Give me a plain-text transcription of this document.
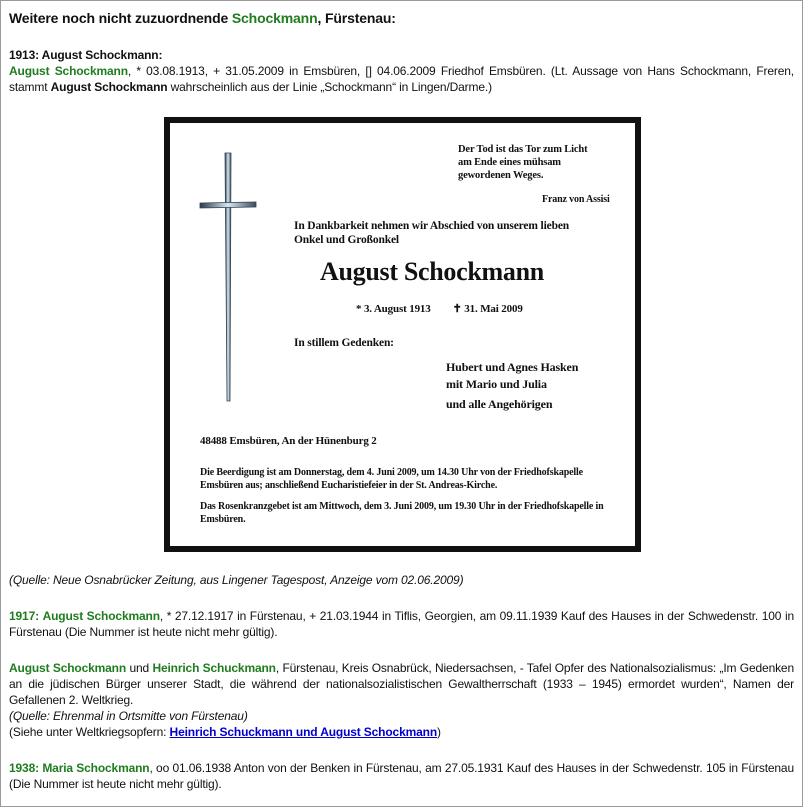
Weitere noch nicht zuzuordnende Schockmann, Fürstenau:
1913: August Schockmann:
August Schockmann, * 03.08.1913, + 31.05.2009 in Emsbüren, [] 04.06.2009 Friedhof Emsbüren. (Lt. Aussage von Hans Schockmann, Freren, stammt August Schockmann wahrscheinlich aus der Linie „Schockmann“ in Lingen/Darme.)
Der Tod ist das Tor zum Licht
am Ende eines mühsam
gewordenen Weges.
Franz von Assisi
In Dankbarkeit nehmen wir Abschied von unserem lieben
Onkel und Großonkel
August Schockmann
* 3. August 1913 ✝ 31. Mai 2009
In stillem Gedenken:
Hubert und Agnes Hasken
mit Mario und Julia
und alle Angehörigen
48488 Emsbüren, An der Hünenburg 2
Die Beerdigung ist am Donnerstag, dem 4. Juni 2009, um 14.30 Uhr von der Friedhofskapelle Emsbüren aus; anschließend Eucharistiefeier in der St. Andreas-Kirche.
Das Rosenkranzgebet ist am Mittwoch, dem 3. Juni 2009, um 19.30 Uhr in der Friedhofskapelle in Emsbüren.
(Quelle: Neue Osnabrücker Zeitung, aus Lingener Tagespost, Anzeige vom 02.06.2009)
1917: August Schockmann, * 27.12.1917 in Fürstenau, + 21.03.1944 in Tiflis, Georgien, am 09.11.1939 Kauf des Hauses in der Schwedenstr. 100 in Fürstenau (Die Nummer ist heute nicht mehr gültig).
August Schockmann und Heinrich Schuckmann, Fürstenau, Kreis Osnabrück, Niedersachsen, - Tafel Opfer des Nationalsozialismus: „Im Gedenken an die jüdischen Bürger unserer Stadt, die während der nationalsozialistischen Gewaltherrschaft (1933 – 1945) ermordet wurden“, Namen der Gefallenen 2. Weltkrieg.
(Quelle: Ehrenmal in Ortsmitte von Fürstenau)
(Siehe unter Weltkriegsopfern: Heinrich Schuckmann und August Schockmann)
1938: Maria Schockmann, oo 01.06.1938 Anton von der Benken in Fürstenau, am 27.05.1931 Kauf des Hauses in der Schwedenstr. 105 in Fürstenau (Die Nummer ist heute nicht mehr gültig).
